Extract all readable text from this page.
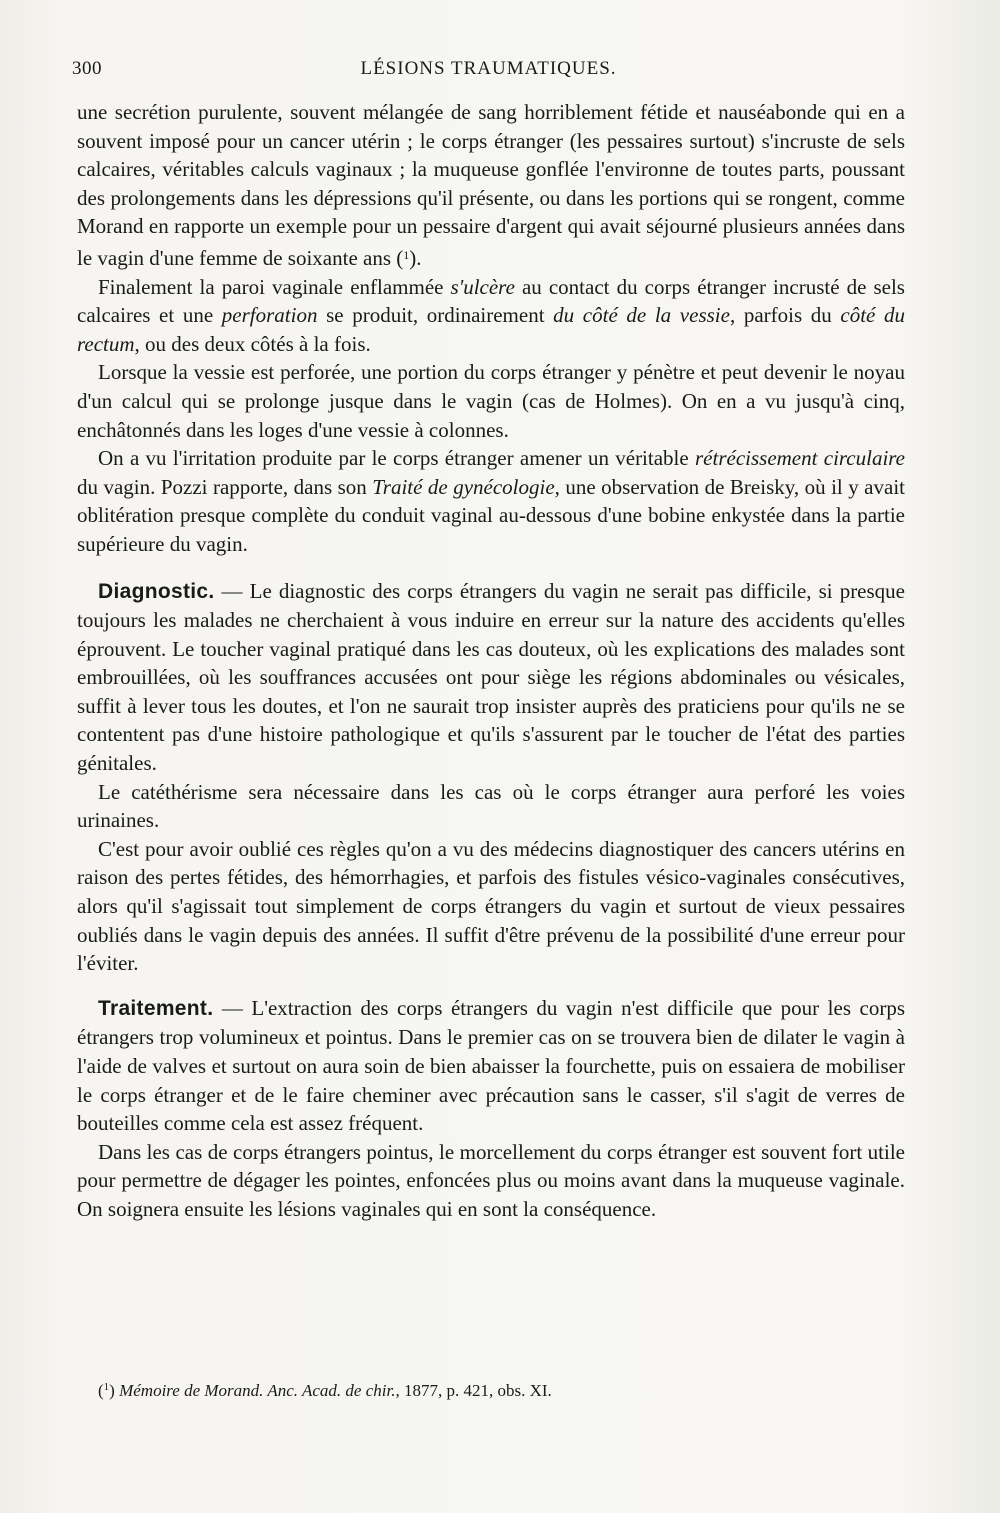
300	LÉSIONS TRAUMATIQUES.

une secrétion purulente, souvent mélangée de sang horriblement fétide et nauséabonde qui en a souvent imposé pour un cancer utérin ; le corps étranger (les pessaires surtout) s'incruste de sels calcaires, véritables calculs vaginaux ; la muqueuse gonflée l'environne de toutes parts, poussant des prolongements dans les dépressions qu'il présente, ou dans les portions qui se rongent, comme Morand en rapporte un exemple pour un pessaire d'argent qui avait séjourné plusieurs années dans le vagin d'une femme de soixante ans ($^1$).

Finalement la paroi vaginale enflammée s'ulcère au contact du corps étranger incrusté de sels calcaires et une perforation se produit, ordinairement du côté de la vessie, parfois du côté du rectum, ou des deux côtés à la fois.

Lorsque la vessie est perforée, une portion du corps étranger y pénètre et peut devenir le noyau d'un calcul qui se prolonge jusque dans le vagin (cas de Holmes). On en a vu jusqu'à cinq, enchâtonnés dans les loges d'une vessie à colonnes.

On a vu l'irritation produite par le corps étranger amener un véritable rétrécissement circulaire du vagin. Pozzi rapporte, dans son Traité de gynécologie, une observation de Breisky, où il y avait oblitération presque complète du conduit vaginal au-dessous d'une bobine enkystée dans la partie supérieure du vagin.

Diagnostic. — Le diagnostic des corps étrangers du vagin ne serait pas difficile, si presque toujours les malades ne cherchaient à vous induire en erreur sur la nature des accidents qu'elles éprouvent. Le toucher vaginal pratiqué dans les cas douteux, où les explications des malades sont embrouillées, où les souffrances accusées ont pour siège les régions abdominales ou vésicales, suffit à lever tous les doutes, et l'on ne saurait trop insister auprès des praticiens pour qu'ils ne se contentent pas d'une histoire pathologique et qu'ils s'assurent par le toucher de l'état des parties génitales.

Le catéthérisme sera nécessaire dans les cas où le corps étranger aura perforé les voies urinaines.

C'est pour avoir oublié ces règles qu'on a vu des médecins diagnostiquer des cancers utérins en raison des pertes fétides, des hémorrhagies, et parfois des fistules vésico-vaginales consécutives, alors qu'il s'agissait tout simplement de corps étrangers du vagin et surtout de vieux pessaires oubliés dans le vagin depuis des années. Il suffit d'être prévenu de la possibilité d'une erreur pour l'éviter.

Traitement. — L'extraction des corps étrangers du vagin n'est difficile que pour les corps étrangers trop volumineux et pointus. Dans le premier cas on se trouvera bien de dilater le vagin à l'aide de valves et surtout on aura soin de bien abaisser la fourchette, puis on essaiera de mobiliser le corps étranger et de le faire cheminer avec précaution sans le casser, s'il s'agit de verres de bouteilles comme cela est assez fréquent.

Dans les cas de corps étrangers pointus, le morcellement du corps étranger est souvent fort utile pour permettre de dégager les pointes, enfoncées plus ou moins avant dans la muqueuse vaginale. On soignera ensuite les lésions vaginales qui en sont la conséquence.

($^1$) Mémoire de Morand. Anc. Acad. de chir., 1877, p. 421, obs. XI.
